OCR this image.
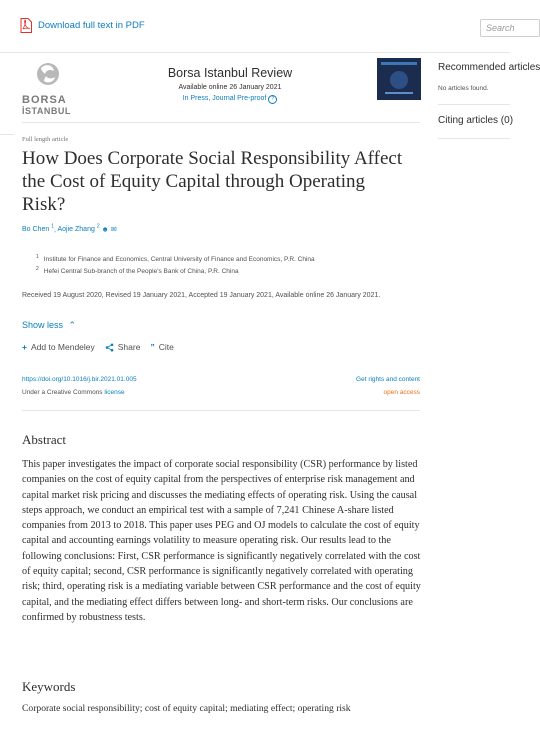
Download full text in PDF	Search
BORSA
İSTANBUL
Borsa Istanbul Review
Available online 26 January 2021
In Press, Journal Pre-proof ?
Full length article
How Does Corporate Social Responsibility Affect the Cost of Equity Capital through Operating Risk?
Bo Chen $^1$, Aojie Zhang $^2$ ☻ ✉
$^1$ Institute for Finance and Economics, Central University of Finance and Economics, P.R. China
$^2$ Hefei Central Sub-branch of the People's Bank of China, P.R. China
Received 19 August 2020, Revised 19 January 2021, Accepted 19 January 2021, Available online 26 January 2021.
Show less ⌃
+ Add to Mendeley	Share ” Cite
https://doi.org/10.1016/j.bir.2021.01.005	Get rights and content
Under a Creative Commons license	open access
Abstract
This paper investigates the impact of corporate social responsibility (CSR) performance by listed companies on the cost of equity capital from the perspectives of enterprise risk management and capital market risk pricing and discusses the mediating effects of operating risk. Using the causal steps approach, we conduct an empirical test with a sample of 7,241 Chinese A-share listed companies from 2013 to 2018. This paper uses PEG and OJ models to calculate the cost of equity capital and accounting earnings volatility to measure operating risk. Our results lead to the following conclusions: First, CSR performance is significantly negatively correlated with the cost of equity capital; second, CSR performance is significantly negatively correlated with operating risk; third, operating risk is a mediating variable between CSR performance and the cost of equity capital, and the mediating effect differs between long- and short-term risks. Our conclusions are confirmed by robustness tests.
Keywords
Corporate social responsibility; cost of equity capital; mediating effect; operating risk
Recommended articles
No articles found.
Citing articles (0)
